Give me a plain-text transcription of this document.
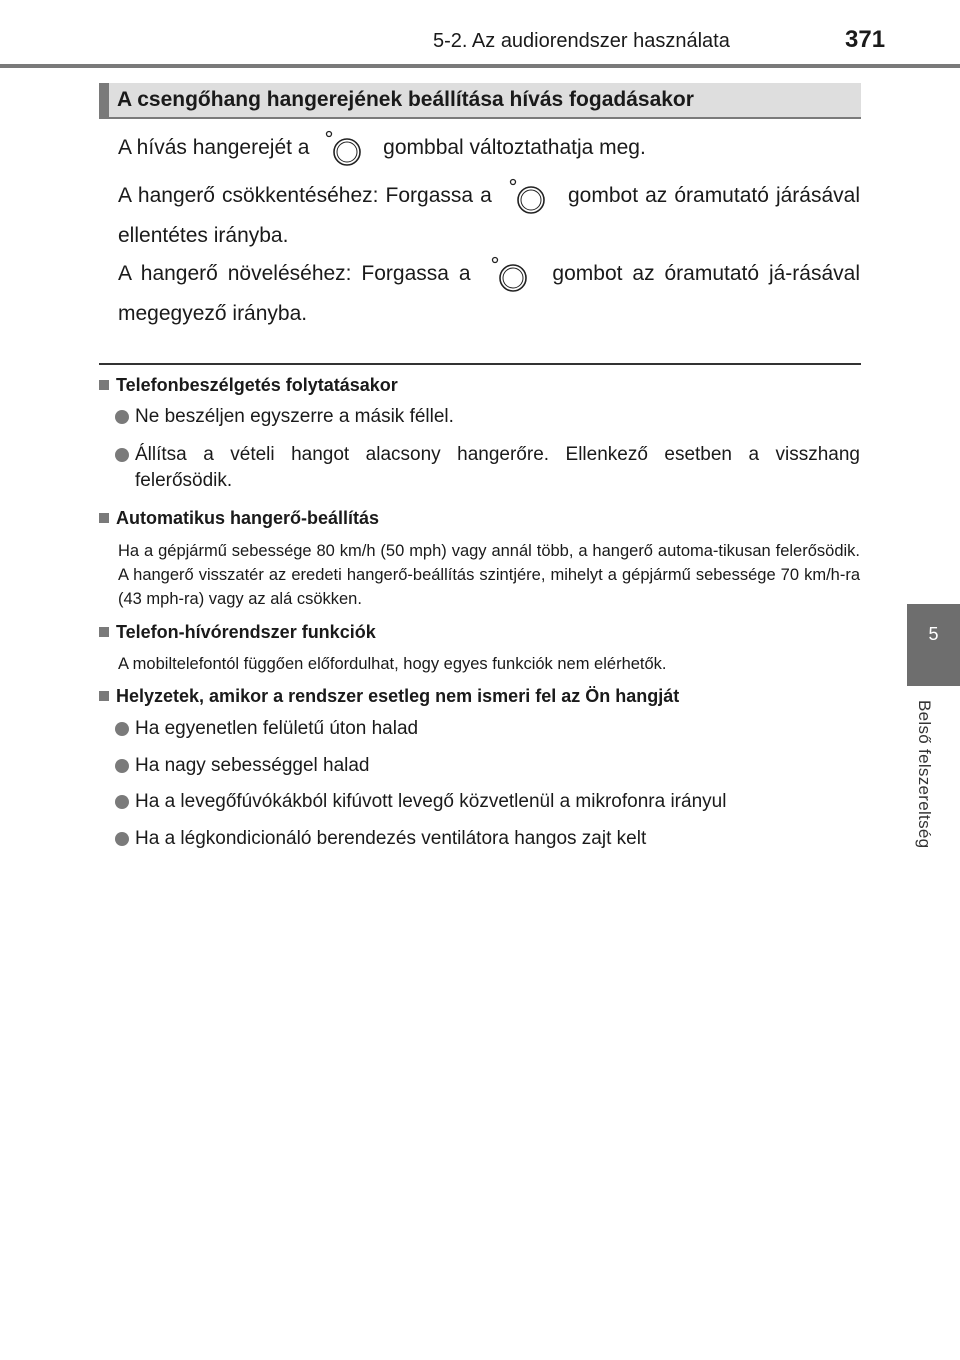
5-2. Az audiorendszer használata	371
5
Belső felszereltség
A csengőhang hangerejének beállítása hívás fogadásakor
A hívás hangerejét a	gombbal változtathatja meg.
A hangerő csökkentéséhez: Forgassa a	gombot az óramutató járásával ellentétes irányba.
A hangerő növeléséhez: Forgassa a	gombot az óramutató já-rásával megegyező irányba.
Telefonbeszélgetés folytatásakor
Ne beszéljen egyszerre a másik féllel.
Állítsa a vételi hangot alacsony hangerőre. Ellenkező esetben a visszhang felerősödik.
Automatikus hangerő-beállítás
Ha a gépjármű sebessége 80 km/h (50 mph) vagy annál több, a hangerő automa-tikusan felerősödik. A hangerő visszatér az eredeti hangerő-beállítás szintjére, mihelyt a gépjármű sebessége 70 km/h-ra (43 mph-ra) vagy az alá csökken.
Telefon-hívórendszer funkciók
A mobiltelefontól függően előfordulhat, hogy egyes funkciók nem elérhetők.
Helyzetek, amikor a rendszer esetleg nem ismeri fel az Ön hangját
Ha egyenetlen felületű úton halad
Ha nagy sebességgel halad
Ha a levegőfúvókákból kifúvott levegő közvetlenül a mikrofonra irányul
Ha a légkondicionáló berendezés ventilátora hangos zajt kelt
